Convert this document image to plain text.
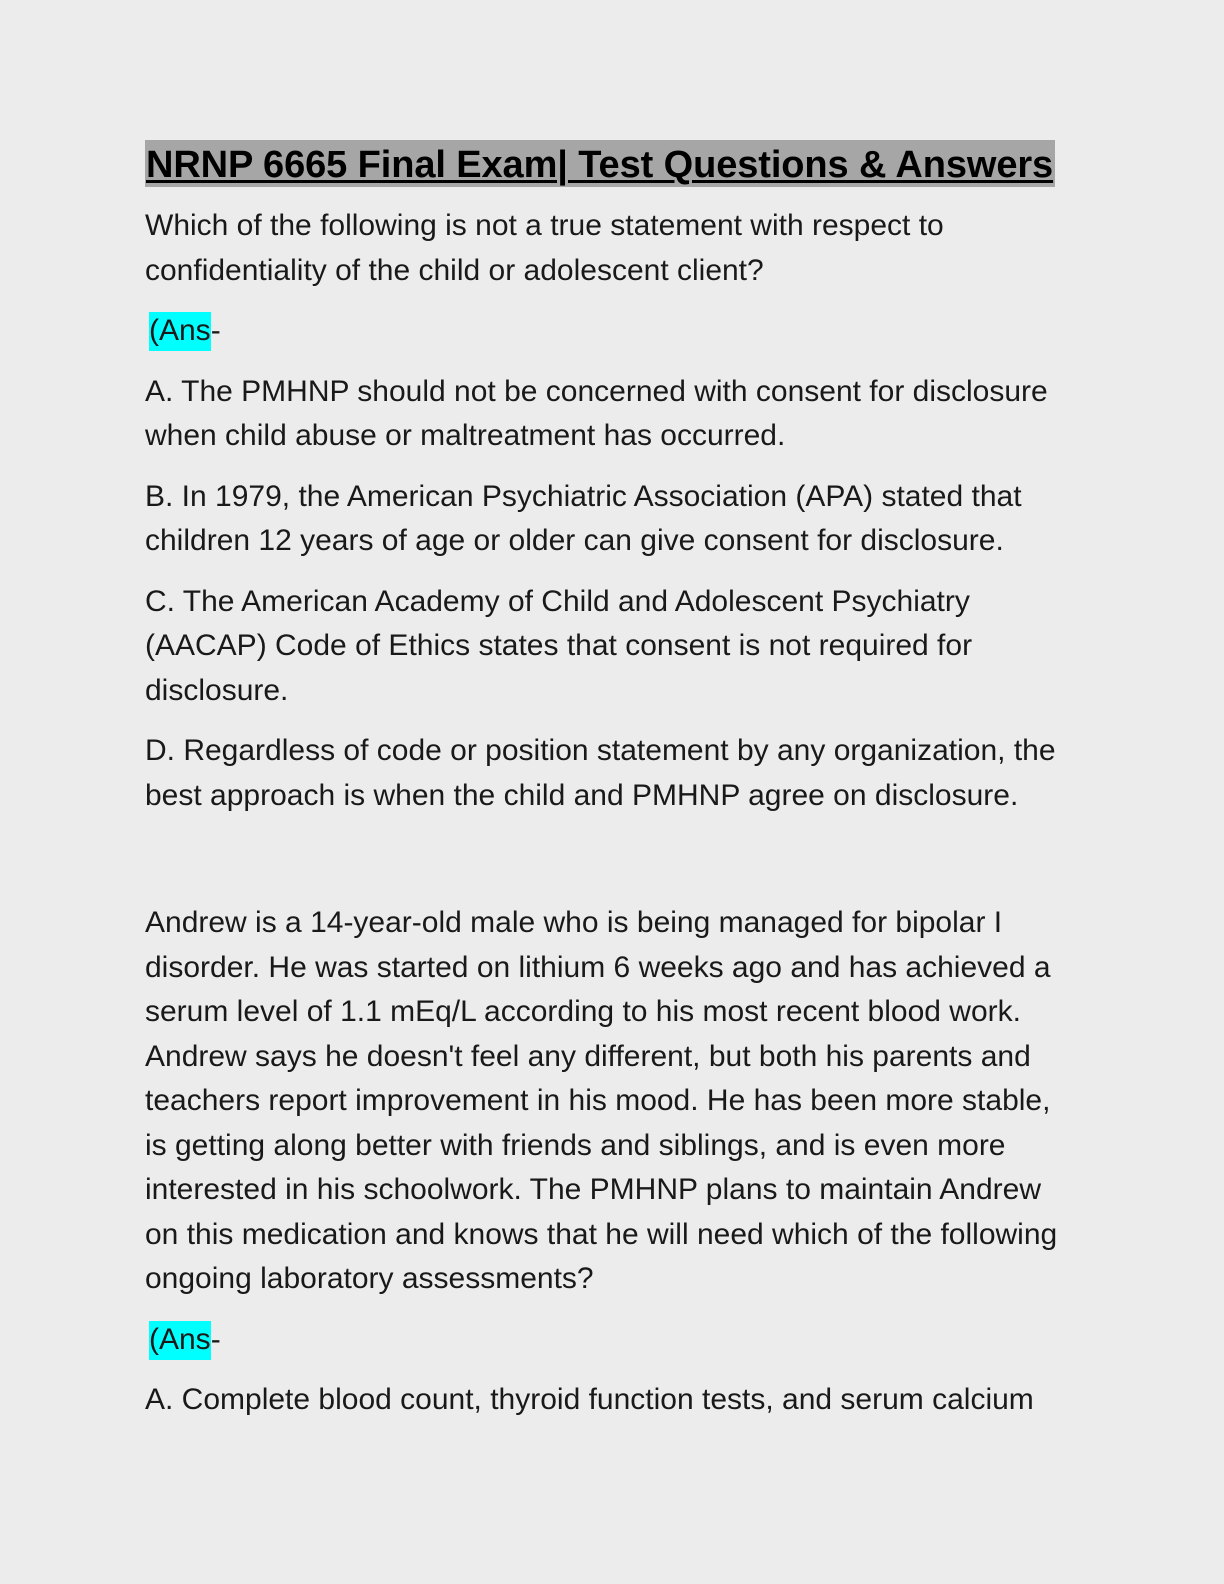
NRNP 6665 Final Exam| Test Questions & Answers

Which of the following is not a true statement with respect to confidentiality of the child or adolescent client?

(Ans-

A. The PMHNP should not be concerned with consent for disclosure when child abuse or maltreatment has occurred.

B. In 1979, the American Psychiatric Association (APA) stated that children 12 years of age or older can give consent for disclosure.

C. The American Academy of Child and Adolescent Psychiatry (AACAP) Code of Ethics states that consent is not required for disclosure.

D. Regardless of code or position statement by any organization, the best approach is when the child and PMHNP agree on disclosure.

Andrew is a 14-year-old male who is being managed for bipolar I disorder. He was started on lithium 6 weeks ago and has achieved a serum level of 1.1 mEq/L according to his most recent blood work. Andrew says he doesn't feel any different, but both his parents and teachers report improvement in his mood. He has been more stable, is getting along better with friends and siblings, and is even more interested in his schoolwork. The PMHNP plans to maintain Andrew on this medication and knows that he will need which of the following ongoing laboratory assessments?

(Ans-

A. Complete blood count, thyroid function tests, and serum calcium
